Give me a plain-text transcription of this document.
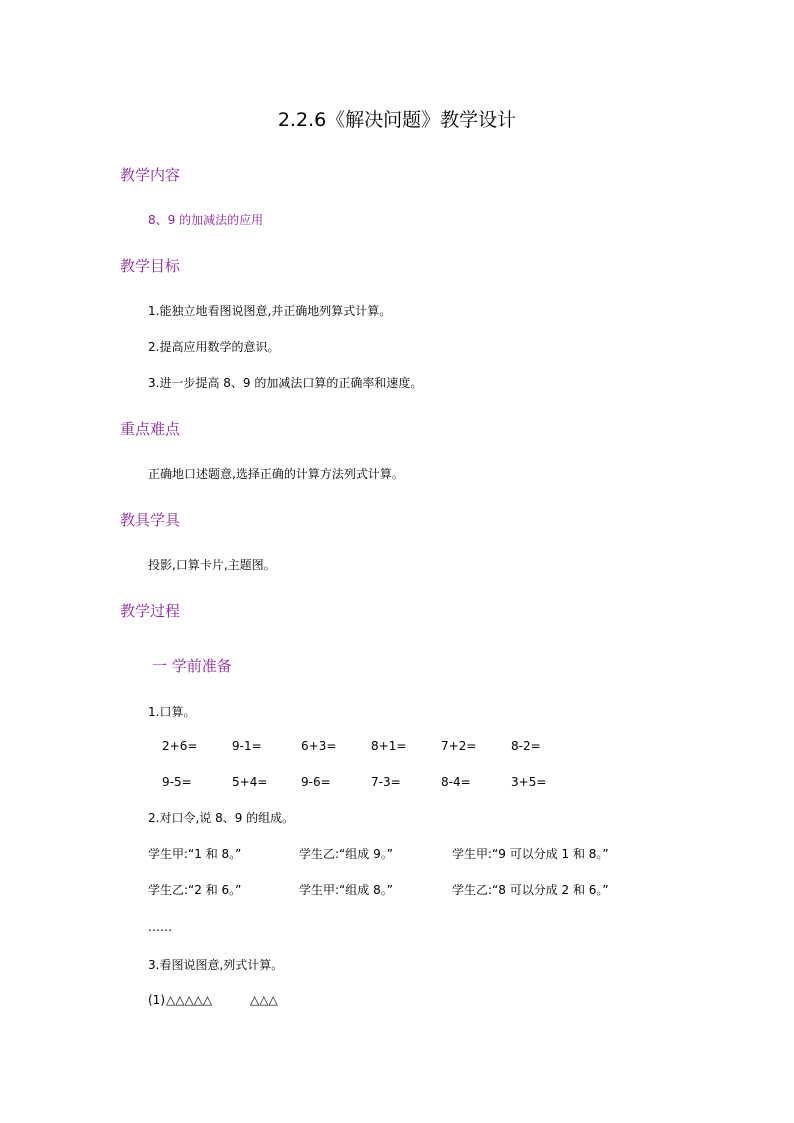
2.2.6《解决问题》教学设计
教学内容
8、9 的加减法的应用
教学目标
1.能独立地看图说图意,并正确地列算式计算。
2.提高应用数学的意识。
3.进一步提高 8、9 的加减法口算的正确率和速度。
重点难点
正确地口述题意,选择正确的计算方法列式计算。
教具学具
投影,口算卡片,主题图。
教学过程
一 学前准备
1.口算。
2+6=	9-1=	6+3=	8+1=	7+2=	8-2=
9-5=	5+4=	9-6=	7-3=	8-4=	3+5=
2.对口令,说 8、9 的组成。
学生甲:“1 和 8。”	学生乙:“组成 9。”	学生甲:“9 可以分成 1 和 8。”
学生乙:“2 和 6。”	学生甲:“组成 8。”	学生乙:“8 可以分成 2 和 6。”
……
3.看图说图意,列式计算。
(1) △△△△△	△△△
